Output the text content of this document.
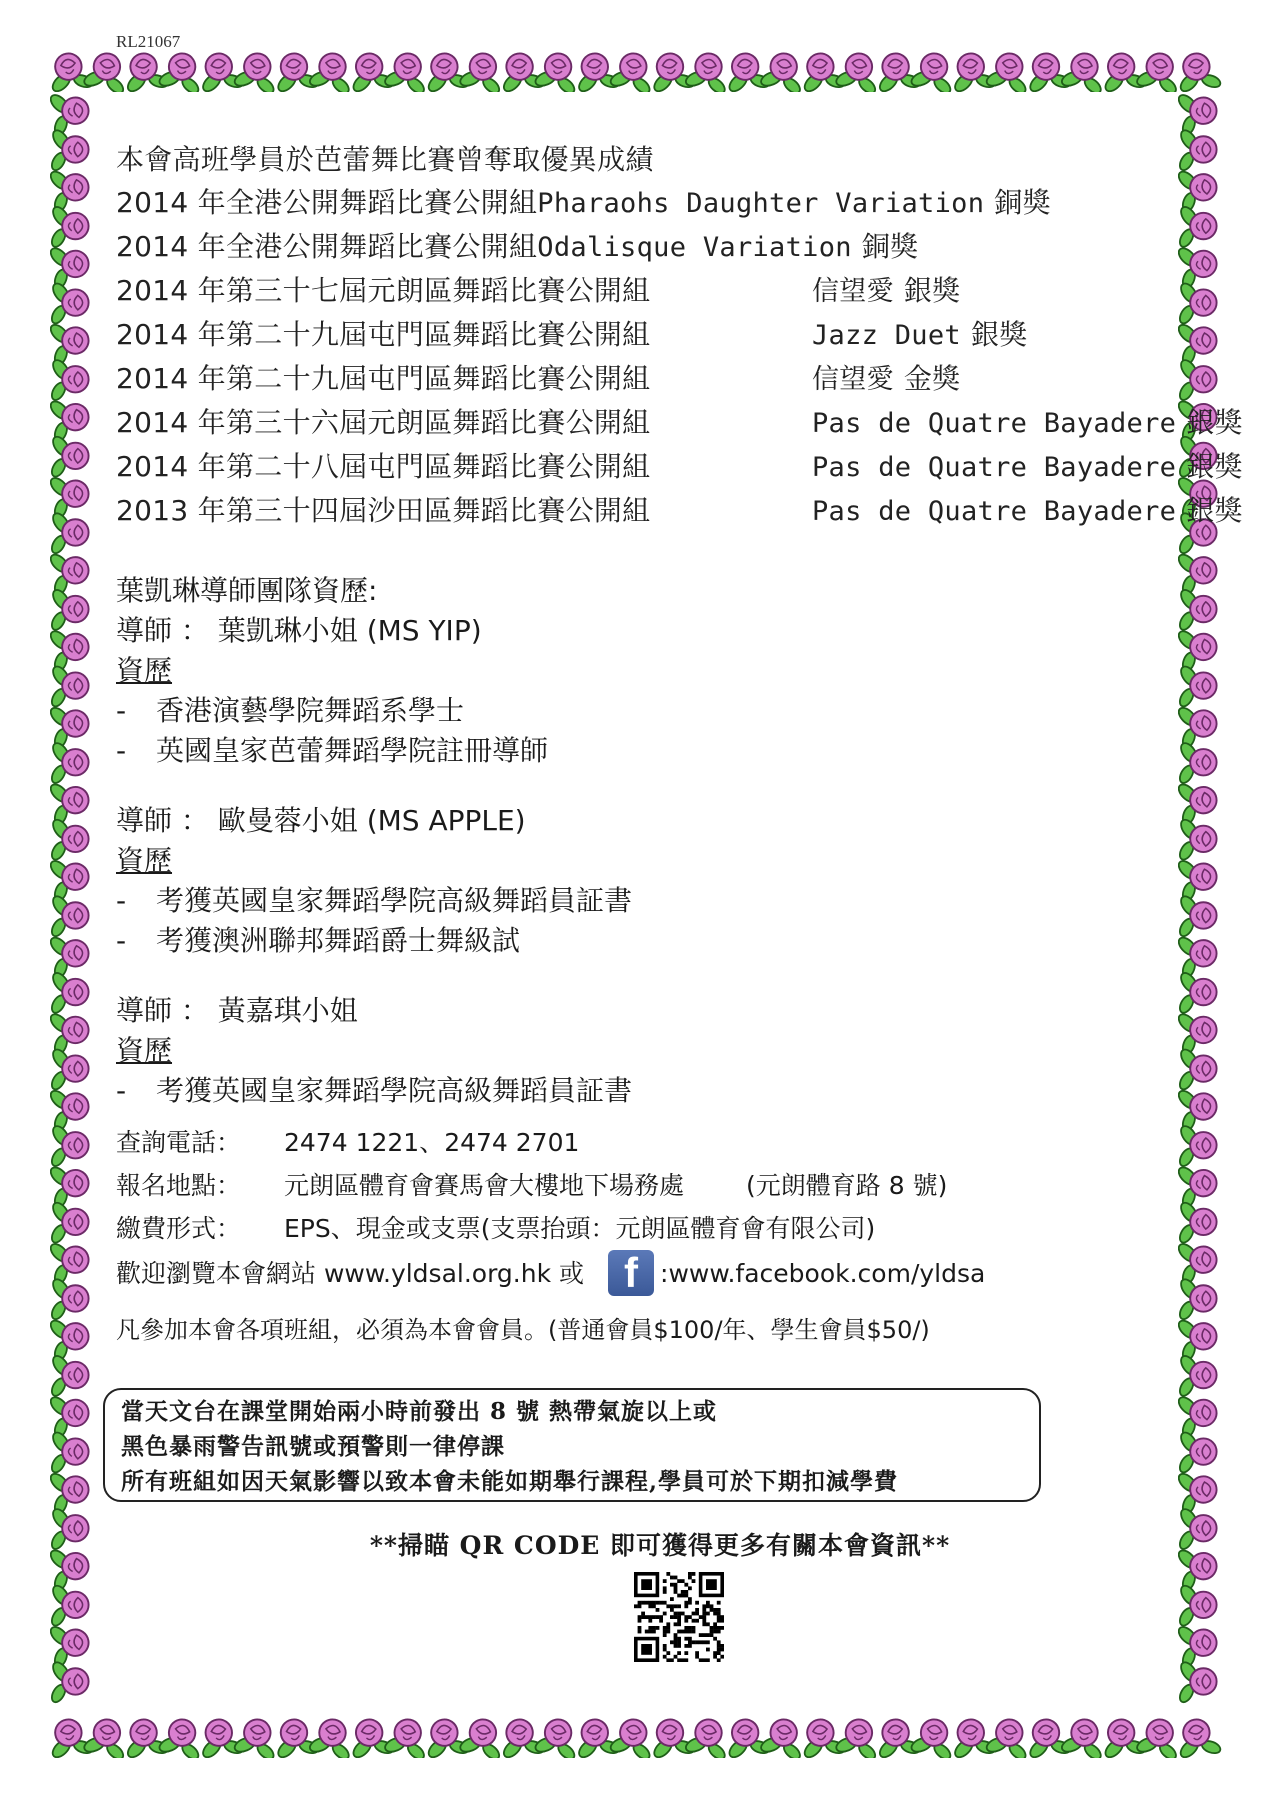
RL21067
本會高班學員於芭蕾舞比賽曾奪取優異成績
2014 年全港公開舞蹈比賽公開組Pharaohs Daughter Variation 銅獎
2014 年全港公開舞蹈比賽公開組Odalisque Variation 銅獎
2014 年第三十七屆元朗區舞蹈比賽公開組	信望愛 銀獎
2014 年第二十九屆屯門區舞蹈比賽公開組	Jazz Duet 銀獎
2014 年第二十九屆屯門區舞蹈比賽公開組	信望愛 金獎
2014 年第三十六屆元朗區舞蹈比賽公開組	Pas de Quatre Bayadere 銀獎
2014 年第二十八屆屯門區舞蹈比賽公開組	Pas de Quatre Bayadere 銀獎
2013 年第三十四屆沙田區舞蹈比賽公開組	Pas de Quatre Bayadere 銀獎
葉凱琳導師團隊資歷:
導師 ： 葉凱琳小姐 (MS YIP)
資歷
-	香港演藝學院舞蹈系學士
-	英國皇家芭蕾舞蹈學院註冊導師
導師 ： 歐曼蓉小姐 (MS APPLE)
資歷
-	考獲英國皇家舞蹈學院高級舞蹈員証書
-	考獲澳洲聯邦舞蹈爵士舞級試
導師 ： 黃嘉琪小姐
資歷
-	考獲英國皇家舞蹈學院高級舞蹈員証書
查詢電話：	2474 1221、2474 2701
報名地點：	元朗區體育會賽馬會大樓地下場務處 (元朗體育路 8 號)
繳費形式：	EPS、現金或支票(支票抬頭：元朗區體育會有限公司)
歡迎瀏覽本會網站 www.yldsal.org.hk 或 f :www.facebook.com/yldsa
凡參加本會各項班組，必須為本會會員。(普通會員$100/年、學生會員$50/)
當天文台在課堂開始兩小時前發出 8 號 熱帶氣旋以上或
黑色暴雨警告訊號或預警則一律停課
所有班組如因天氣影響以致本會未能如期舉行課程,學員可於下期扣減學費
**掃瞄 QR CODE 即可獲得更多有關本會資訊**
